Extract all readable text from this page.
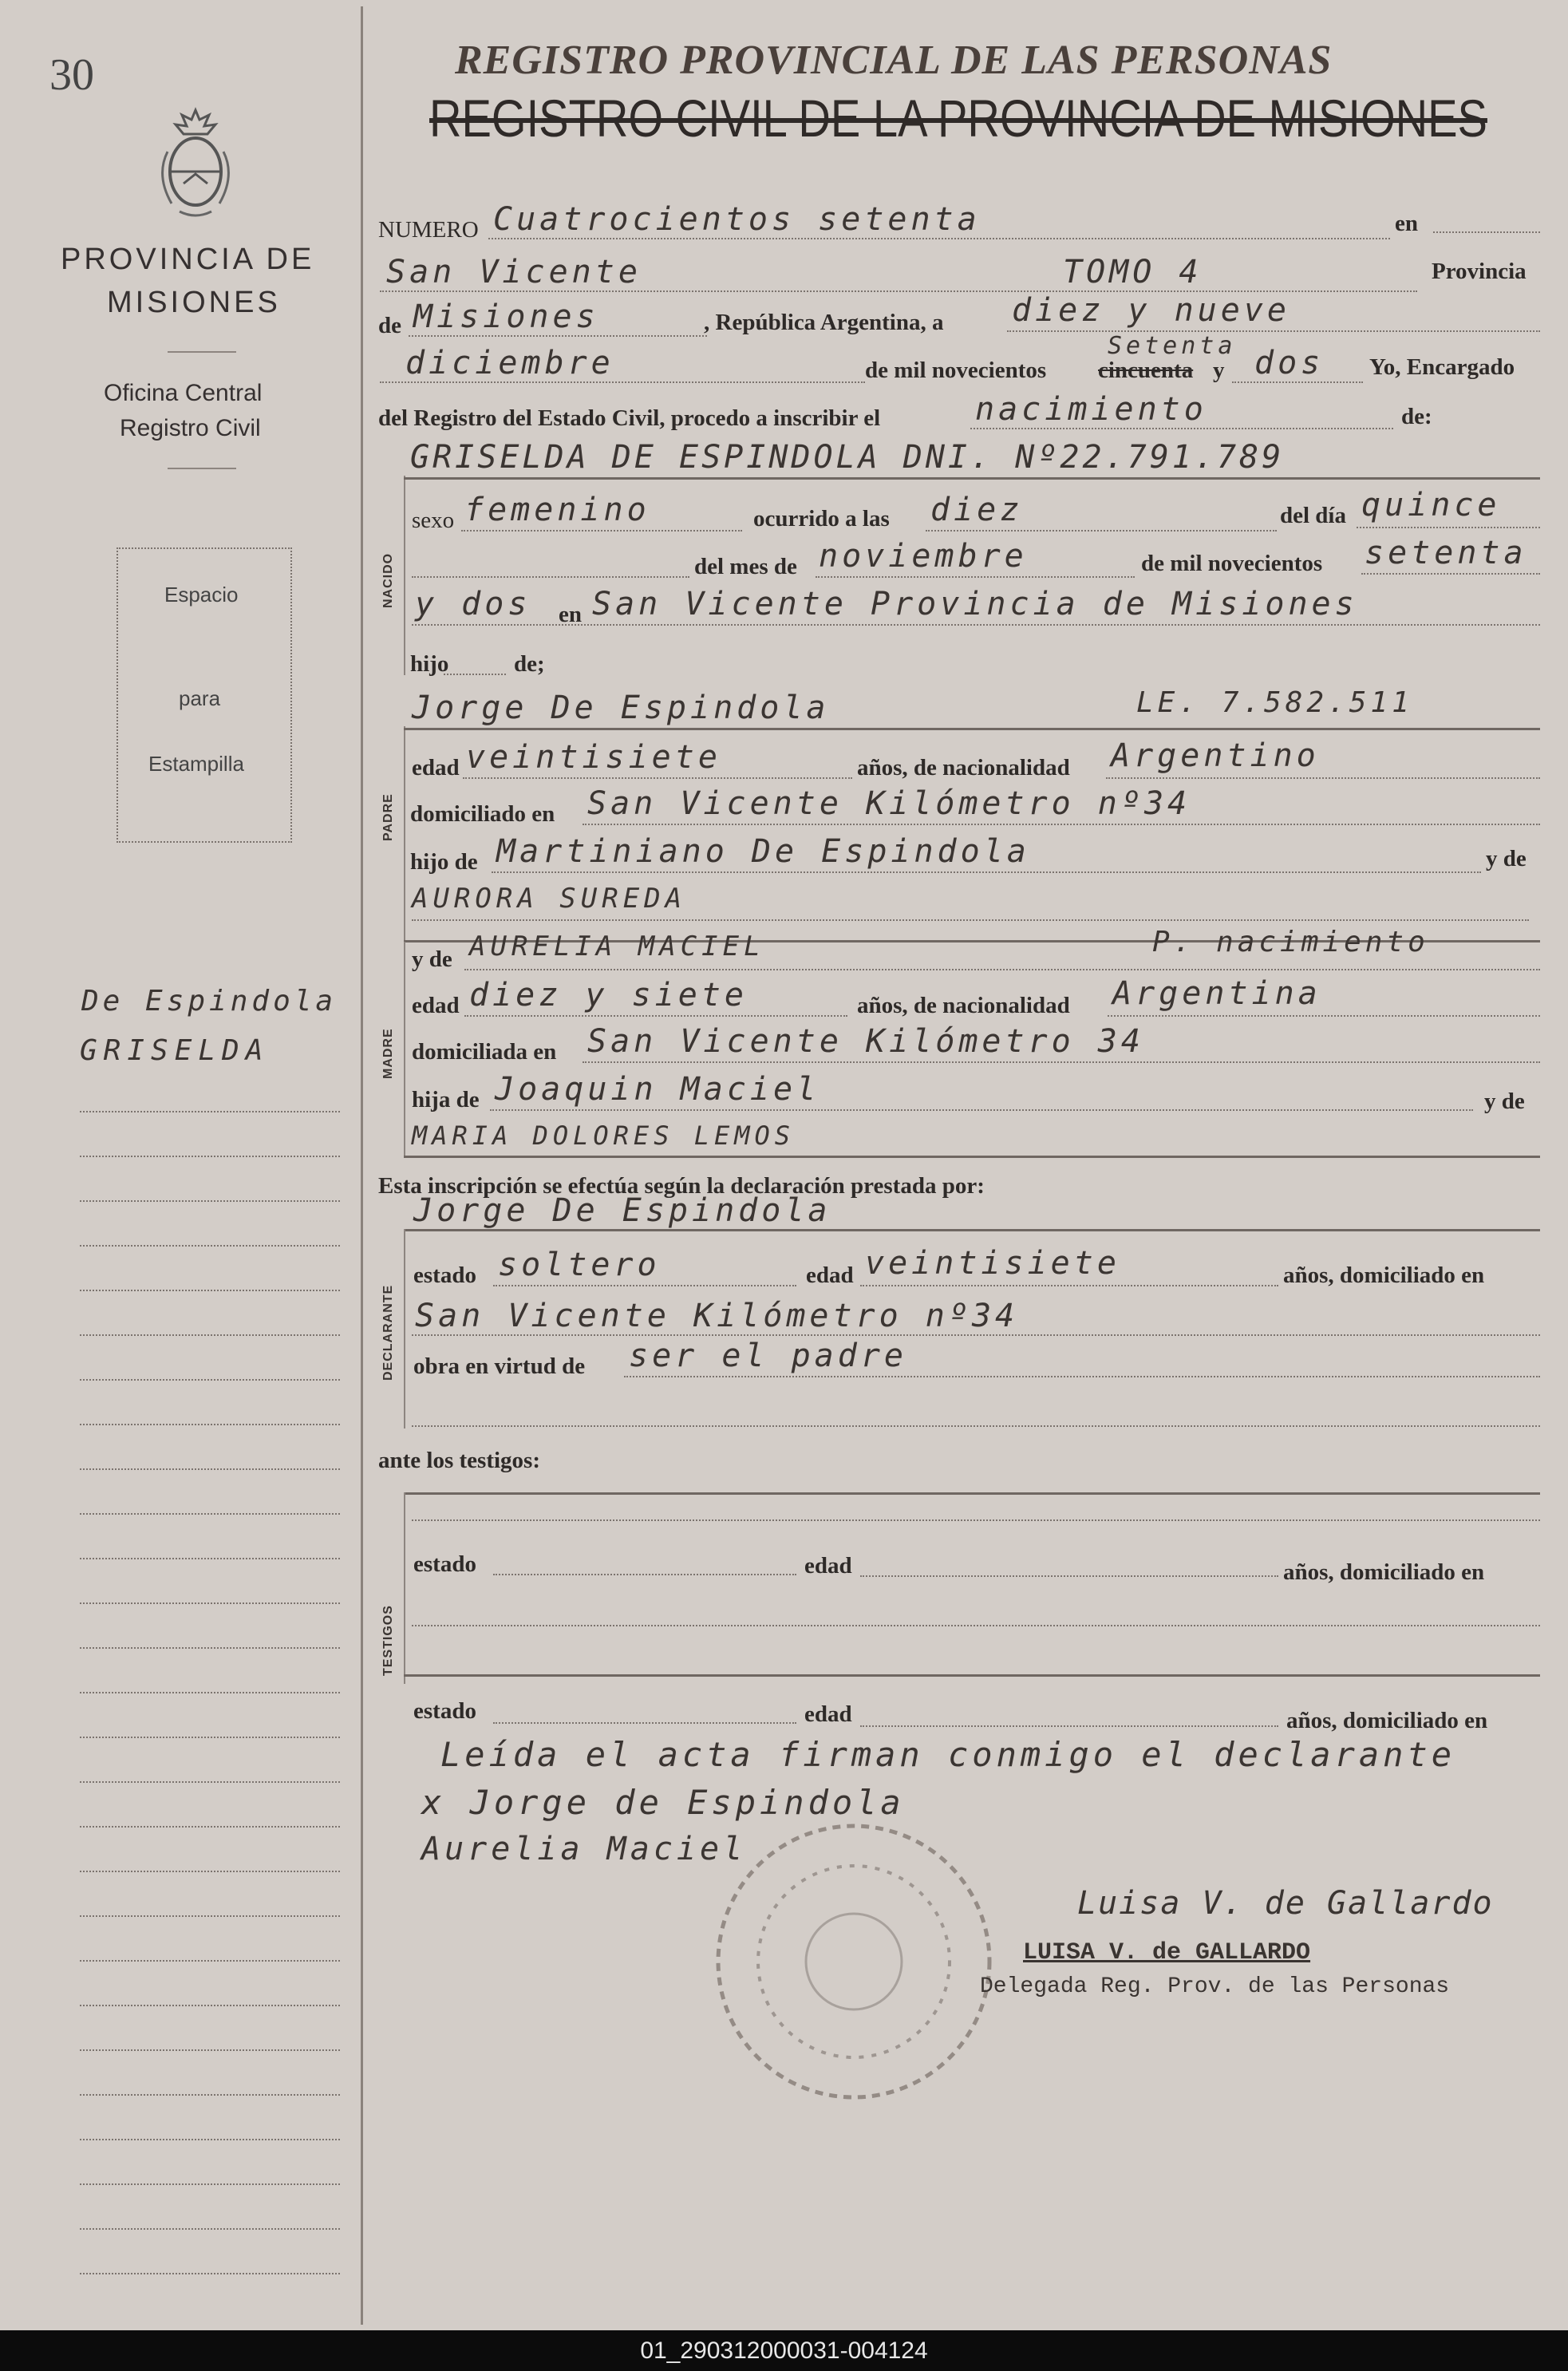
30
PROVINCIA DE
MISIONES
Oficina Central
Registro Civil
Espacio
para
Estampilla
De Espindola
GRISELDA
REGISTRO PROVINCIAL DE LAS PERSONAS
REGISTRO CIVIL DE LA PROVINCIA DE MISIONES
NUMERO Cuatrocientos setenta	en
San Vicente	TOMO 4	Provincia
de Misiones	, República Argentina, a diez y nueve
diciembre	de mil novecientos cincuenta
Setenta
y dos Yo, Encargado
del Registro del Estado Civil, procedo a inscribir el	nacimiento	de:
NACIDO
GRISELDA DE ESPINDOLA DNI. Nº22.791.789
sexo femenino	ocurrido a las diez	del día quince
del mes de noviembre	de mil novecientos setenta
y dos en San Vicente Provincia de Misiones
hijo	de;
PADRE
Jorge De Espindola	LE. 7.582.511
edad veintisiete	años, de nacionalidad Argentino
domiciliado en San Vicente Kilómetro nº34
hijo de Martiniano De Espindola	y de
AURORA SUREDA
MADRE
y de AURELIA MACIEL	P. nacimiento
edad diez y siete	años, de nacionalidad Argentina
domiciliada en San Vicente Kilómetro 34
hija de Joaquin Maciel	y de
MARIA DOLORES LEMOS
Esta inscripción se efectúa según la declaración prestada por:
Jorge De Espindola
DECLARANTE
estado soltero	edad veintisiete	años, domiciliado en
San Vicente Kilómetro nº34
obra en virtud de ser el padre
ante los testigos:
TESTIGOS
estado	edad	años, domiciliado en
estado	edad	años, domiciliado en
Leída el acta firman conmigo el declarante
x Jorge de Espindola
Aurelia Maciel
Luisa V. de Gallardo
LUISA V. de GALLARDO
Delegada Reg. Prov. de las Personas
01_290312000031-004124
